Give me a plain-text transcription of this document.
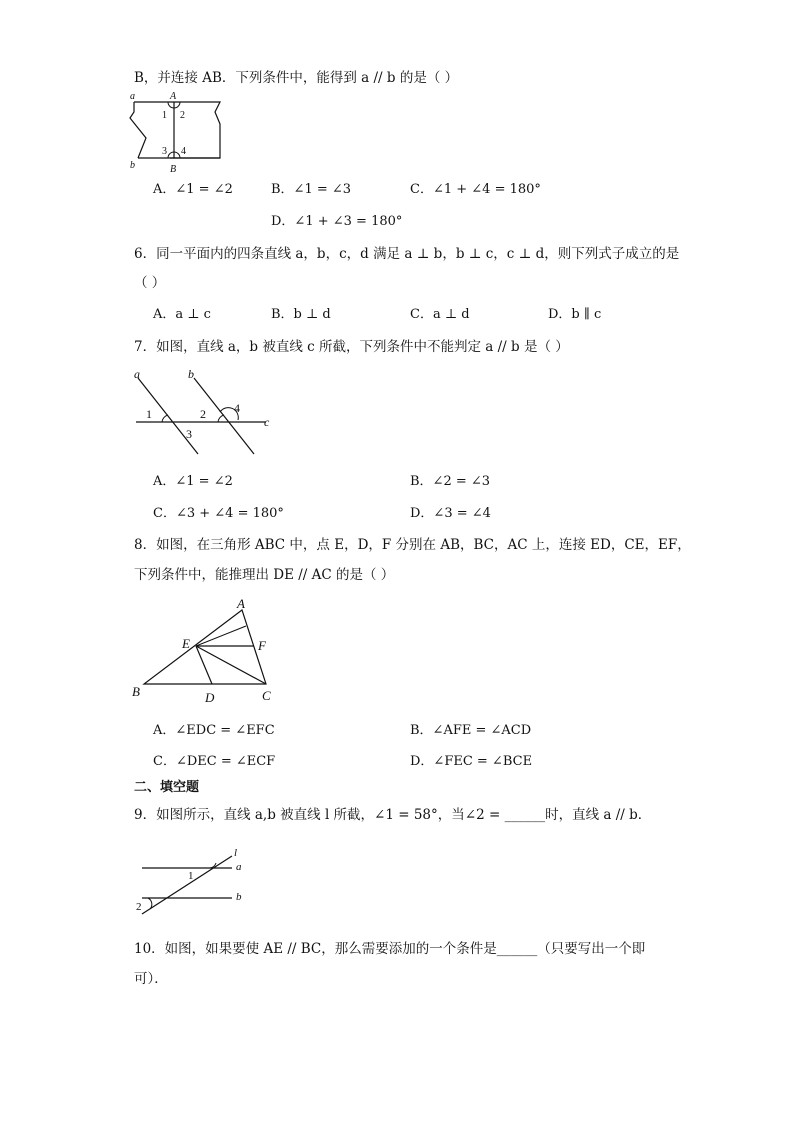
B，并连接 AB．下列条件中，能得到 a // b 的是（ ）
a	A
1 2
3 4
b	B
A．∠1 = ∠2	B．∠1 = ∠3	C．∠1 + ∠4 = 180°
D．∠1 + ∠3 = 180°
6．同一平面内的四条直线 a，b，c，d 满足 a ⊥ b，b ⊥ c，c ⊥ d，则下列式子成立的是
（ ）
A．a ⊥ c	B．b ⊥ d	C．a ⊥ d	D．b ∥ c
7．如图，直线 a，b 被直线 c 所截，下列条件中不能判定 a // b 是（ ）
a	b
c
1	2
3
4
A．∠1 = ∠2	B．∠2 = ∠3
C．∠3 + ∠4 = 180°	D．∠3 = ∠4
8．如图，在三角形 ABC 中，点 E，D，F 分别在 AB，BC，AC 上，连接 ED，CE，EF，
下列条件中，能推理出 DE // AC 的是（ ）
A
E	F
B	D	C
A．∠EDC = ∠EFC	B．∠AFE = ∠ACD
C．∠DEC = ∠ECF	D．∠FEC = ∠BCE
二、填空题
9．如图所示，直线 a,b 被直线 l 所截，∠1 = 58°，当∠2 = ______时，直线 a // b．
l
a
b
1
2
10．如图，如果要使 AE // BC，那么需要添加的一个条件是______（只要写出一个即
可）．
